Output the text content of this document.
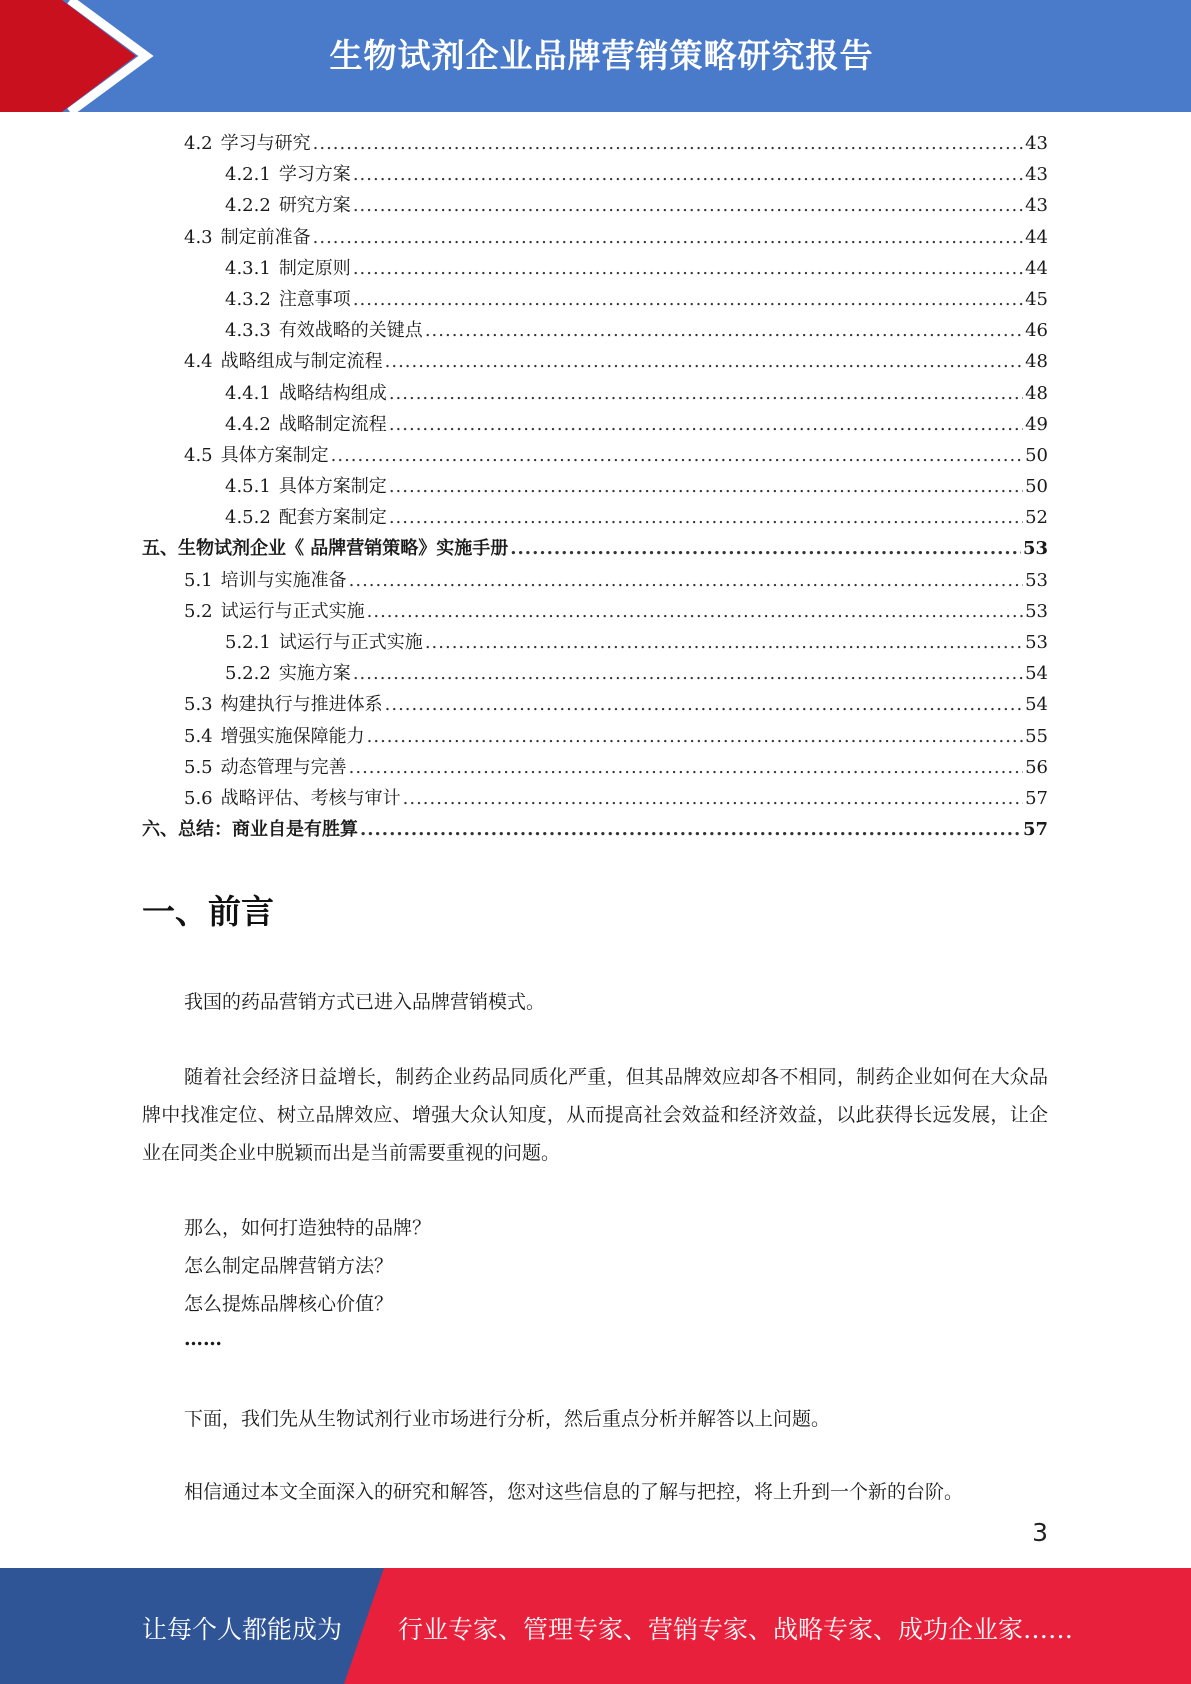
生物试剂企业品牌营销策略研究报告
4.2 学习与研究 .....	43
4.2.1 学习方案 .....	43
4.2.2 研究方案 .....	43
4.3 制定前准备 .....	44
4.3.1 制定原则 .....	44
4.3.2 注意事项 .....	45
4.3.3 有效战略的关键点 .....	46
4.4 战略组成与制定流程 .....	48
4.4.1 战略结构组成 .....	48
4.4.2 战略制定流程 .....	49
4.5 具体方案制定 .....	50
4.5.1 具体方案制定 .....	50
4.5.2 配套方案制定 .....	52
五、生物试剂企业《 品牌营销策略》实施手册 .....	53
5.1 培训与实施准备 .....	53
5.2 试运行与正式实施 .....	53
5.2.1 试运行与正式实施 .....	53
5.2.2 实施方案 .....	54
5.3 构建执行与推进体系 .....	54
5.4 增强实施保障能力 .....	55
5.5 动态管理与完善 .....	56
5.6 战略评估、考核与审计 .....	57
六、总结：商业自是有胜算 .....	57
一、前言

我国的药品营销方式已进入品牌营销模式。

随着社会经济日益增长，制药企业药品同质化严重，但其品牌效应却各不相同，制药企业如何在大众品牌中找准定位、树立品牌效应、增强大众认知度，从而提高社会效益和经济效益，以此获得长远发展，让企业在同类企业中脱颖而出是当前需要重视的问题。

那么，如何打造独特的品牌？

怎么制定品牌营销方法？

怎么提炼品牌核心价值？

……

下面，我们先从生物试剂行业市场进行分析，然后重点分析并解答以上问题。

相信通过本文全面深入的研究和解答，您对这些信息的了解与把控，将上升到一个新的台阶。

3
让每个人都能成为 行业专家、管理专家、营销专家、战略专家、成功企业家……
